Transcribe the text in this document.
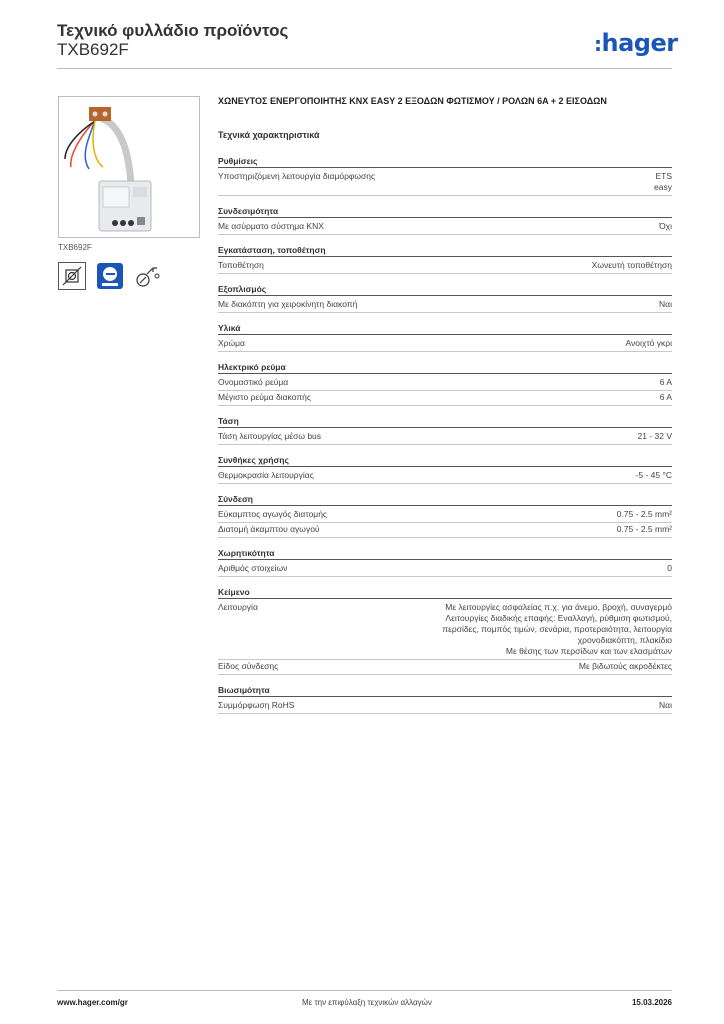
Τεχνικό φυλλάδιο προϊόντος
TXB692F	:hager
TXB692F
ΧΩΝΕΥΤΟΣ ΕΝΕΡΓΟΠΟΙΗΤΗΣ KNX EASY 2 ΕΞΟΔΩΝ ΦΩΤΙΣΜΟΥ / ΡΟΛΩΝ 6A + 2 ΕΙΣΟΔΩΝ
Τεχνικά χαρακτηριστικά
Ρυθμίσεις
Υποστηριζόμενη λειτουργία διαμόρφωσης	ETS
easy
Συνδεσιμότητα
Με ασύρματο σύστημα KNX	Όχι
Εγκατάσταση, τοποθέτηση
Τοποθέτηση	Χωνευτή τοποθέτηση
Εξοπλισμός
Με διακόπτη για χειροκίνητη διακοπή	Ναι
Υλικά
Χρώμα	Ανοιχτό γκρι
Ηλεκτρικό ρεύμα
Ονομαστικό ρεύμα	6 A
Μέγιστο ρεύμα διακοπής	6 A
Τάση
Τάση λειτουργίας μέσω bus	21 - 32 V
Συνθήκες χρήσης
Θερμοκρασία λειτουργίας	-5 - 45 °C
Σύνδεση
Εύκαμπτος αγωγός διατομής	0.75 - 2.5 mm²
Διατομή άκαμπτου αγωγού	0.75 - 2.5 mm²
Χωρητικότητα
Αριθμός στοιχείων	0
Κείμενο
Λειτουργία	Με λειτουργίες ασφαλείας π.χ. για άνεμο, βροχή, συναγερμό
Λειτουργίες διαδικής επαφής: Εναλλαγή, ρύθμιση φωτισμού,
περσίδες, πομπός τιμών, σενάρια, προτεραιότητα, λειτουργία
χρονοδιακόπτη, πλακίδιο
Με θέσης των περσίδων και των ελασμάτων
Είδος σύνδεσης	Με βιδωτούς ακροδέκτες
Βιωσιμότητα
Συμμόρφωση RoHS	Ναι
www.hager.com/gr	Με την επιφύλαξη τεχνικών αλλαγών	15.03.2026
